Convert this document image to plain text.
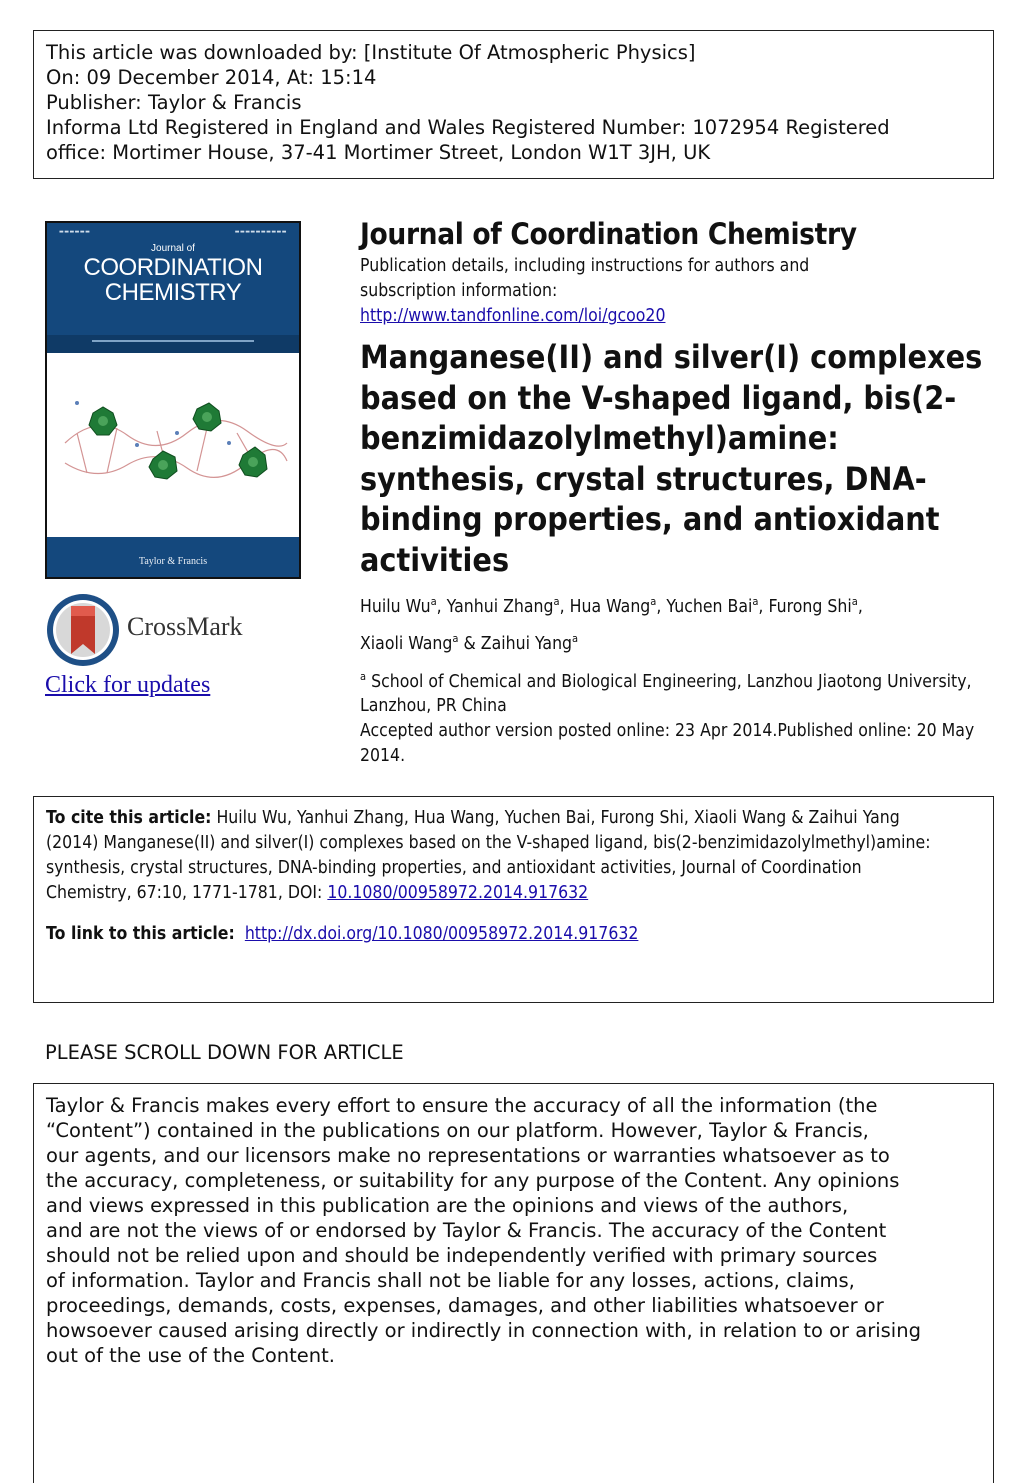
This article was downloaded by: [Institute Of Atmospheric Physics]
On: 09 December 2014, At: 15:14
Publisher: Taylor & Francis
Informa Ltd Registered in England and Wales Registered Number: 1072954 Registered
office: Mortimer House, 37-41 Mortimer Street, London W1T 3JH, UK
▬▬▬▬▬▬	▬▬▬▬▬▬▬▬▬▬
Journal of
COORDINATION
CHEMISTRY
Taylor & Francis
CrossMark
Click for updates
Journal of Coordination Chemistry
Publication details, including instructions for authors and
subscription information:
http://www.tandfonline.com/loi/gcoo20
Manganese(II) and silver(I) complexes based on the V-shaped ligand, bis(2-benzimidazolylmethyl)amine: synthesis, crystal structures, DNA-binding properties, and antioxidant activities
Huilu Wu$^a$, Yanhui Zhang$^a$, Hua Wang$^a$, Yuchen Bai$^a$, Furong Shi$^a$,
Xiaoli Wang$^a$ & Zaihui Yang$^a$
$^a$ School of Chemical and Biological Engineering, Lanzhou Jiaotong University, Lanzhou, PR China
Accepted author version posted online: 23 Apr 2014.Published online: 20 May 2014.
To cite this article: Huilu Wu, Yanhui Zhang, Hua Wang, Yuchen Bai, Furong Shi, Xiaoli Wang & Zaihui Yang (2014) Manganese(II) and silver(I) complexes based on the V-shaped ligand, bis(2-benzimidazolylmethyl)amine: synthesis, crystal structures, DNA-binding properties, and antioxidant activities, Journal of Coordination Chemistry, 67:10, 1771-1781, DOI: 10.1080/00958972.2014.917632
To link to this article: http://dx.doi.org/10.1080/00958972.2014.917632
PLEASE SCROLL DOWN FOR ARTICLE
Taylor & Francis makes every effort to ensure the accuracy of all the information (the
“Content”) contained in the publications on our platform. However, Taylor & Francis,
our agents, and our licensors make no representations or warranties whatsoever as to
the accuracy, completeness, or suitability for any purpose of the Content. Any opinions
and views expressed in this publication are the opinions and views of the authors,
and are not the views of or endorsed by Taylor & Francis. The accuracy of the Content
should not be relied upon and should be independently verified with primary sources
of information. Taylor and Francis shall not be liable for any losses, actions, claims,
proceedings, demands, costs, expenses, damages, and other liabilities whatsoever or
howsoever caused arising directly or indirectly in connection with, in relation to or arising
out of the use of the Content.
